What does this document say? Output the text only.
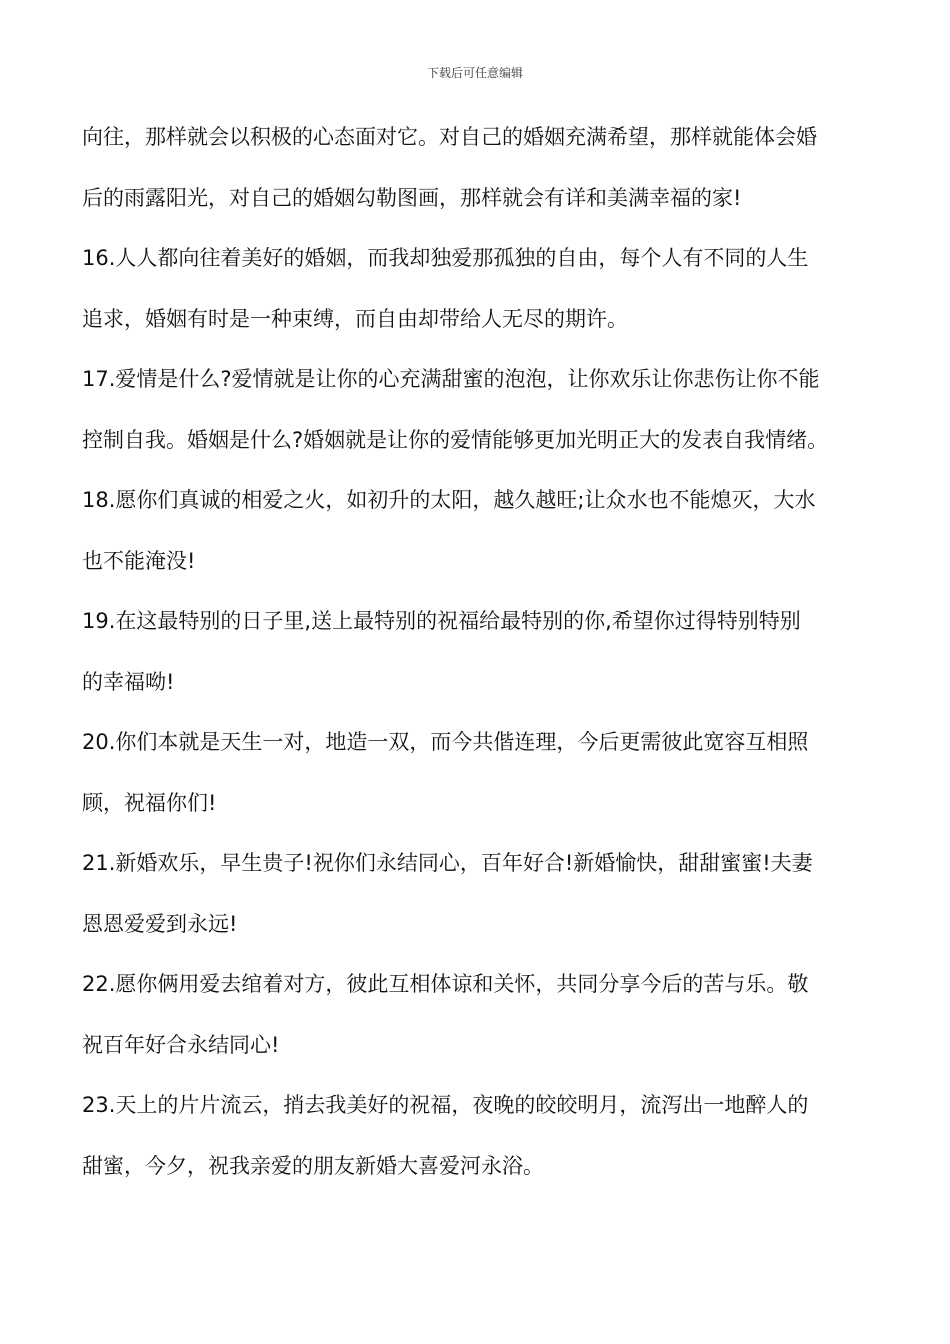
下载后可任意编辑
向往，那样就会以积极的心态面对它。对自己的婚姻充满希望，那样就能体会婚
后的雨露阳光，对自己的婚姻勾勒图画，那样就会有详和美满幸福的家!
16.人人都向往着美好的婚姻，而我却独爱那孤独的自由，每个人有不同的人生
追求，婚姻有时是一种束缚，而自由却带给人无尽的期许。
17.爱情是什么?爱情就是让你的心充满甜蜜的泡泡，让你欢乐让你悲伤让你不能
控制自我。婚姻是什么?婚姻就是让你的爱情能够更加光明正大的发表自我情绪。
18.愿你们真诚的相爱之火，如初升的太阳，越久越旺;让众水也不能熄灭，大水
也不能淹没!
19.在这最特别的日子里,送上最特别的祝福给最特别的你,希望你过得特别特别
的幸福呦!
20.你们本就是天生一对，地造一双，而今共偕连理，今后更需彼此宽容互相照
顾，祝福你们!
21.新婚欢乐，早生贵子!祝你们永结同心，百年好合!新婚愉快，甜甜蜜蜜!夫妻
恩恩爱爱到永远!
22.愿你俩用爱去绾着对方，彼此互相体谅和关怀，共同分享今后的苦与乐。敬
祝百年好合永结同心!
23.天上的片片流云，捎去我美好的祝福，夜晚的皎皎明月，流泻出一地醉人的
甜蜜，今夕，祝我亲爱的朋友新婚大喜爱河永浴。
